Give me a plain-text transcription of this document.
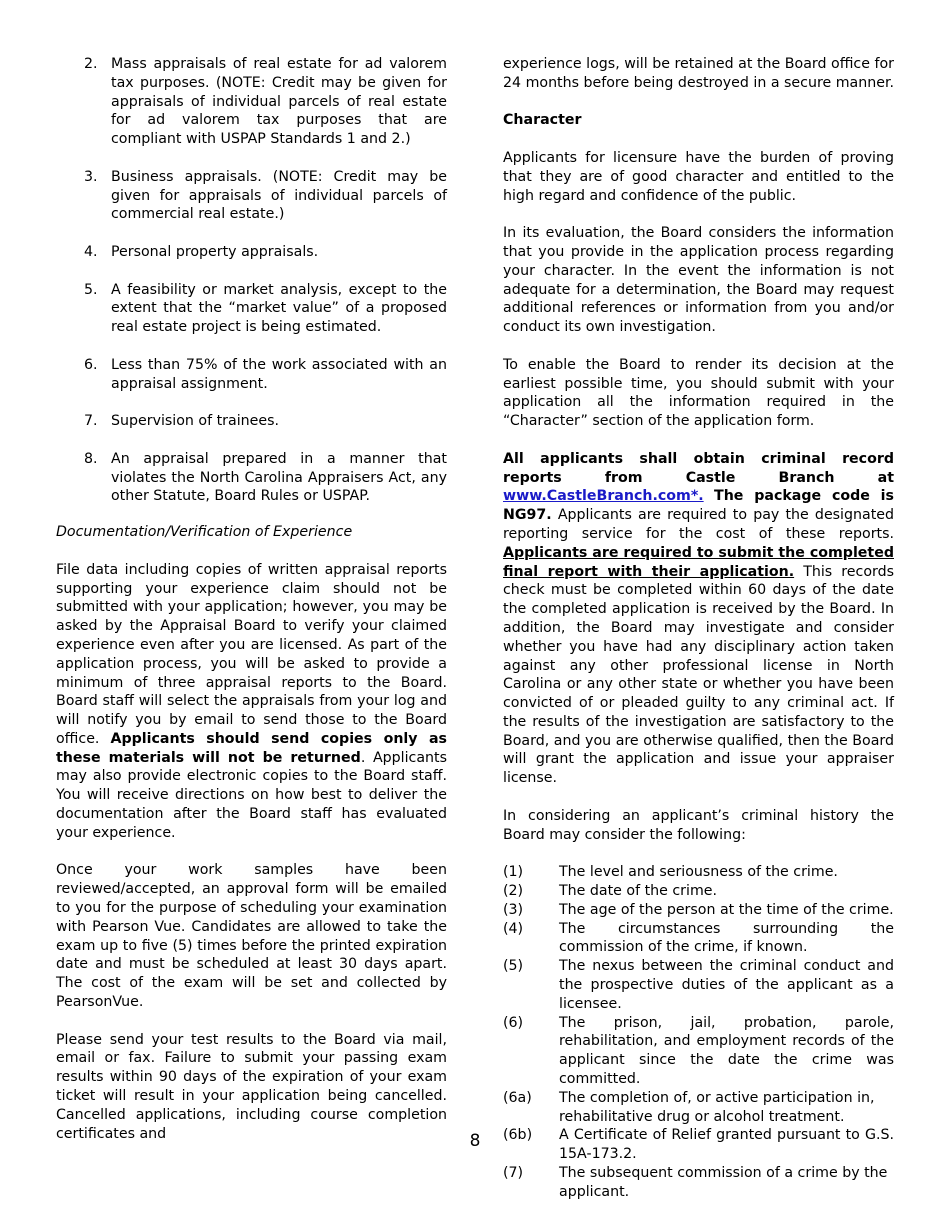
2. Mass appraisals of real estate for ad valorem tax purposes. (NOTE: Credit may be given for appraisals of individual parcels of real estate for ad valorem tax purposes that are compliant with USPAP Standards 1 and 2.)
3. Business appraisals. (NOTE: Credit may be given for appraisals of individual parcels of commercial real estate.)
4. Personal property appraisals.
5. A feasibility or market analysis, except to the extent that the “market value” of a proposed real estate project is being estimated.
6. Less than 75% of the work associated with an appraisal assignment.
7. Supervision of trainees.
8. An appraisal prepared in a manner that violates the North Carolina Appraisers Act, any other Statute, Board Rules or USPAP.
Documentation/Verification of Experience

File data including copies of written appraisal reports supporting your experience claim should not be submitted with your application; however, you may be asked by the Appraisal Board to verify your claimed experience even after you are licensed. As part of the application process, you will be asked to provide a minimum of three appraisal reports to the Board. Board staff will select the appraisals from your log and will notify you by email to send those to the Board office. Applicants should send copies only as these materials will not be returned. Applicants may also provide electronic copies to the Board staff. You will receive directions on how best to deliver the documentation after the Board staff has evaluated your experience.

Once your work samples have been reviewed/accepted, an approval form will be emailed to you for the purpose of scheduling your examination with Pearson Vue. Candidates are allowed to take the exam up to five (5) times before the printed expiration date and must be scheduled at least 30 days apart. The cost of the exam will be set and collected by PearsonVue.

Please send your test results to the Board via mail, email or fax. Failure to submit your passing exam results within 90 days of the expiration of your exam ticket will result in your application being cancelled. Cancelled applications, including course completion certificates and

experience logs, will be retained at the Board office for 24 months before being destroyed in a secure manner.

Character

Applicants for licensure have the burden of proving that they are of good character and entitled to the high regard and confidence of the public.

In its evaluation, the Board considers the information that you provide in the application process regarding your character. In the event the information is not adequate for a determination, the Board may request additional references or information from you and/or conduct its own investigation.

To enable the Board to render its decision at the earliest possible time, you should submit with your application all the information required in the “Character” section of the application form.

All applicants shall obtain criminal record reports from Castle Branch at www.CastleBranch.com*. The package code is NG97. Applicants are required to pay the designated reporting service for the cost of these reports. Applicants are required to submit the completed final report with their application. This records check must be completed within 60 days of the date the completed application is received by the Board. In addition, the Board may investigate and consider whether you have had any disciplinary action taken against any other professional license in North Carolina or any other state or whether you have been convicted of or pleaded guilty to any criminal act. If the results of the investigation are satisfactory to the Board, and you are otherwise qualified, then the Board will grant the application and issue your appraiser license.

In considering an applicant’s criminal history the Board may consider the following:

(1)	The level and seriousness of the crime.
(2)	The date of the crime.
(3)	The age of the person at the time of the crime.
(4)	The circumstances surrounding the commission of the crime, if known.
(5)	The nexus between the criminal conduct and the prospective duties of the applicant as a licensee.
(6)	The prison, jail, probation, parole, rehabilitation, and employment records of the applicant since the date the crime was committed.
(6a) The completion of, or active participation in, rehabilitative drug or alcohol treatment.
(6b) A Certificate of Relief granted pursuant to G.S. 15A-173.2.
(7)	The subsequent commission of a crime by the applicant.
8
